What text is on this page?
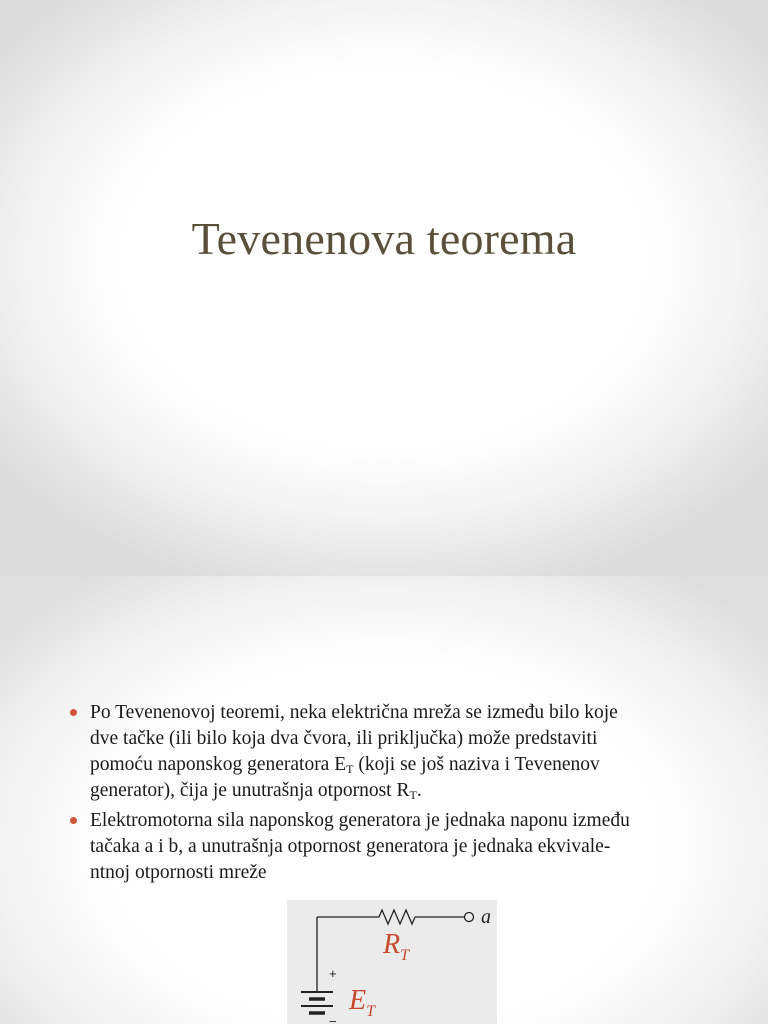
Tevenenova teorema
Po Tevenenovoj teoremi, neka električna mreža se između bilo koje
dve tačke (ili bilo koja dva čvora, ili priključka) može predstaviti
pomoću naponskog generatora $E_T$ (koji se još naziva i Tevenenov
generator), čija je unutrašnja otpornost $R_T$.
Elektromotorna sila naponskog generatora je jednaka naponu između
tačaka a i b, a unutrašnja otpornost generatora je jednaka ekvivale-
ntnoj otpornosti mreže
a
$R_T$
+
−
$E_T$
